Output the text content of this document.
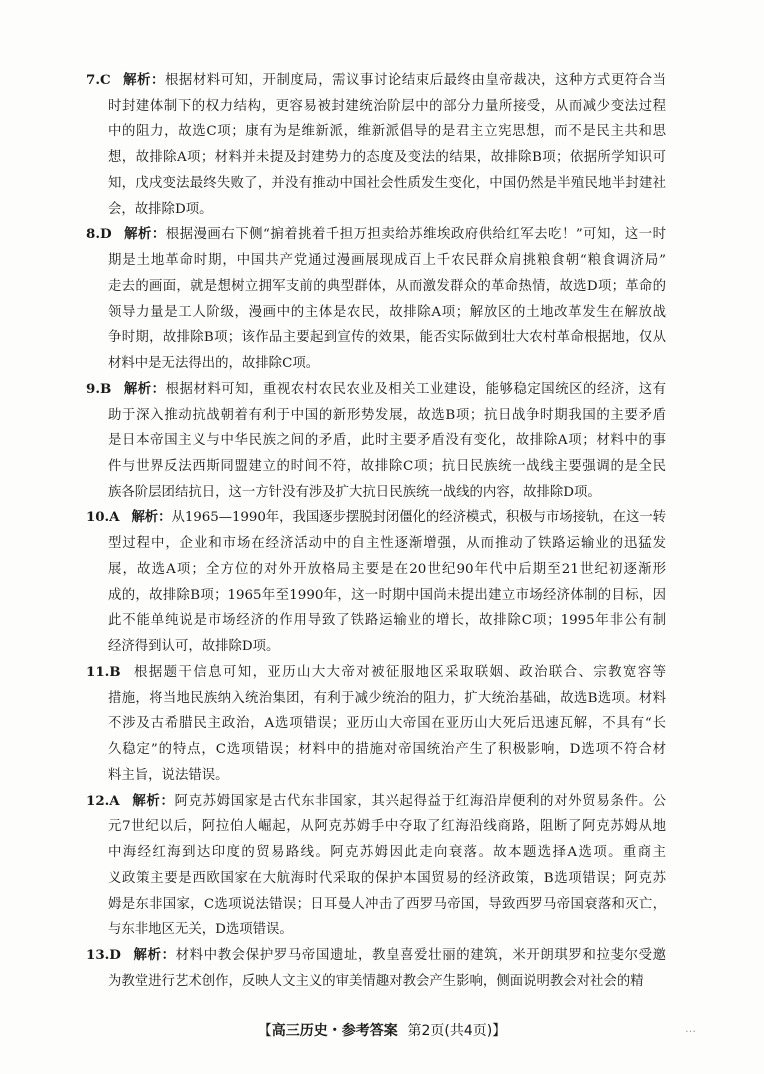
7.C 解析：根据材料可知，开制度局，需议事讨论结束后最终由皇帝裁决，这种方式更符合当
时封建体制下的权力结构，更容易被封建统治阶层中的部分力量所接受，从而减少变法过程
中的阻力，故选C项；康有为是维新派，维新派倡导的是君主立宪思想，而不是民主共和思
想，故排除A项；材料并未提及封建势力的态度及变法的结果，故排除B项；依据所学知识可
知，戊戌变法最终失败了，并没有推动中国社会性质发生变化，中国仍然是半殖民地半封建社
会，故排除D项。
8.D 解析：根据漫画右下侧“掮着挑着千担万担卖给苏维埃政府供给红军去吃！”可知，这一时
期是土地革命时期，中国共产党通过漫画展现成百上千农民群众肩挑粮食朝“粮食调济局”
走去的画面，就是想树立拥军支前的典型群体，从而激发群众的革命热情，故选D项；革命的
领导力量是工人阶级，漫画中的主体是农民，故排除A项；解放区的土地改革发生在解放战
争时期，故排除B项；该作品主要起到宣传的效果，能否实际做到壮大农村革命根据地，仅从
材料中是无法得出的，故排除C项。
9.B 解析：根据材料可知，重视农村农民农业及相关工业建设，能够稳定国统区的经济，这有
助于深入推动抗战朝着有利于中国的新形势发展，故选B项；抗日战争时期我国的主要矛盾
是日本帝国主义与中华民族之间的矛盾，此时主要矛盾没有变化，故排除A项；材料中的事
件与世界反法西斯同盟建立的时间不符，故排除C项；抗日民族统一战线主要强调的是全民
族各阶层团结抗日，这一方针没有涉及扩大抗日民族统一战线的内容，故排除D项。
10.A 解析：从1965—1990年，我国逐步摆脱封闭僵化的经济模式，积极与市场接轨，在这一转
型过程中，企业和市场在经济活动中的自主性逐渐增强，从而推动了铁路运输业的迅猛发
展，故选A项；全方位的对外开放格局主要是在20世纪90年代中后期至21世纪初逐渐形
成的，故排除B项；1965年至1990年，这一时期中国尚未提出建立市场经济体制的目标，因
此不能单纯说是市场经济的作用导致了铁路运输业的增长，故排除C项；1995年非公有制
经济得到认可，故排除D项。
11.B 根据题干信息可知，亚历山大大帝对被征服地区采取联姻、政治联合、宗教宽容等
措施，将当地民族纳入统治集团，有利于减少统治的阻力，扩大统治基础，故选B选项。材料
不涉及古希腊民主政治，A选项错误；亚历山大帝国在亚历山大死后迅速瓦解，不具有“长
久稳定”的特点，C选项错误；材料中的措施对帝国统治产生了积极影响，D选项不符合材
料主旨，说法错误。
12.A 解析：阿克苏姆国家是古代东非国家，其兴起得益于红海沿岸便利的对外贸易条件。公
元7世纪以后，阿拉伯人崛起，从阿克苏姆手中夺取了红海沿线商路，阻断了阿克苏姆从地
中海经红海到达印度的贸易路线。阿克苏姆因此走向衰落。故本题选择A选项。重商主
义政策主要是西欧国家在大航海时代采取的保护本国贸易的经济政策，B选项错误；阿克苏
姆是东非国家，C选项说法错误；日耳曼人冲击了西罗马帝国，导致西罗马帝国衰落和灭亡，
与东非地区无关，D选项错误。
13.D 解析：材料中教会保护罗马帝国遗址，教皇喜爱壮丽的建筑，米开朗琪罗和拉斐尔受邀
为教堂进行艺术创作，反映人文主义的审美情趣对教会产生影响，侧面说明教会对社会的精
【高三历史・参考答案 第2页(共4页)】	…
